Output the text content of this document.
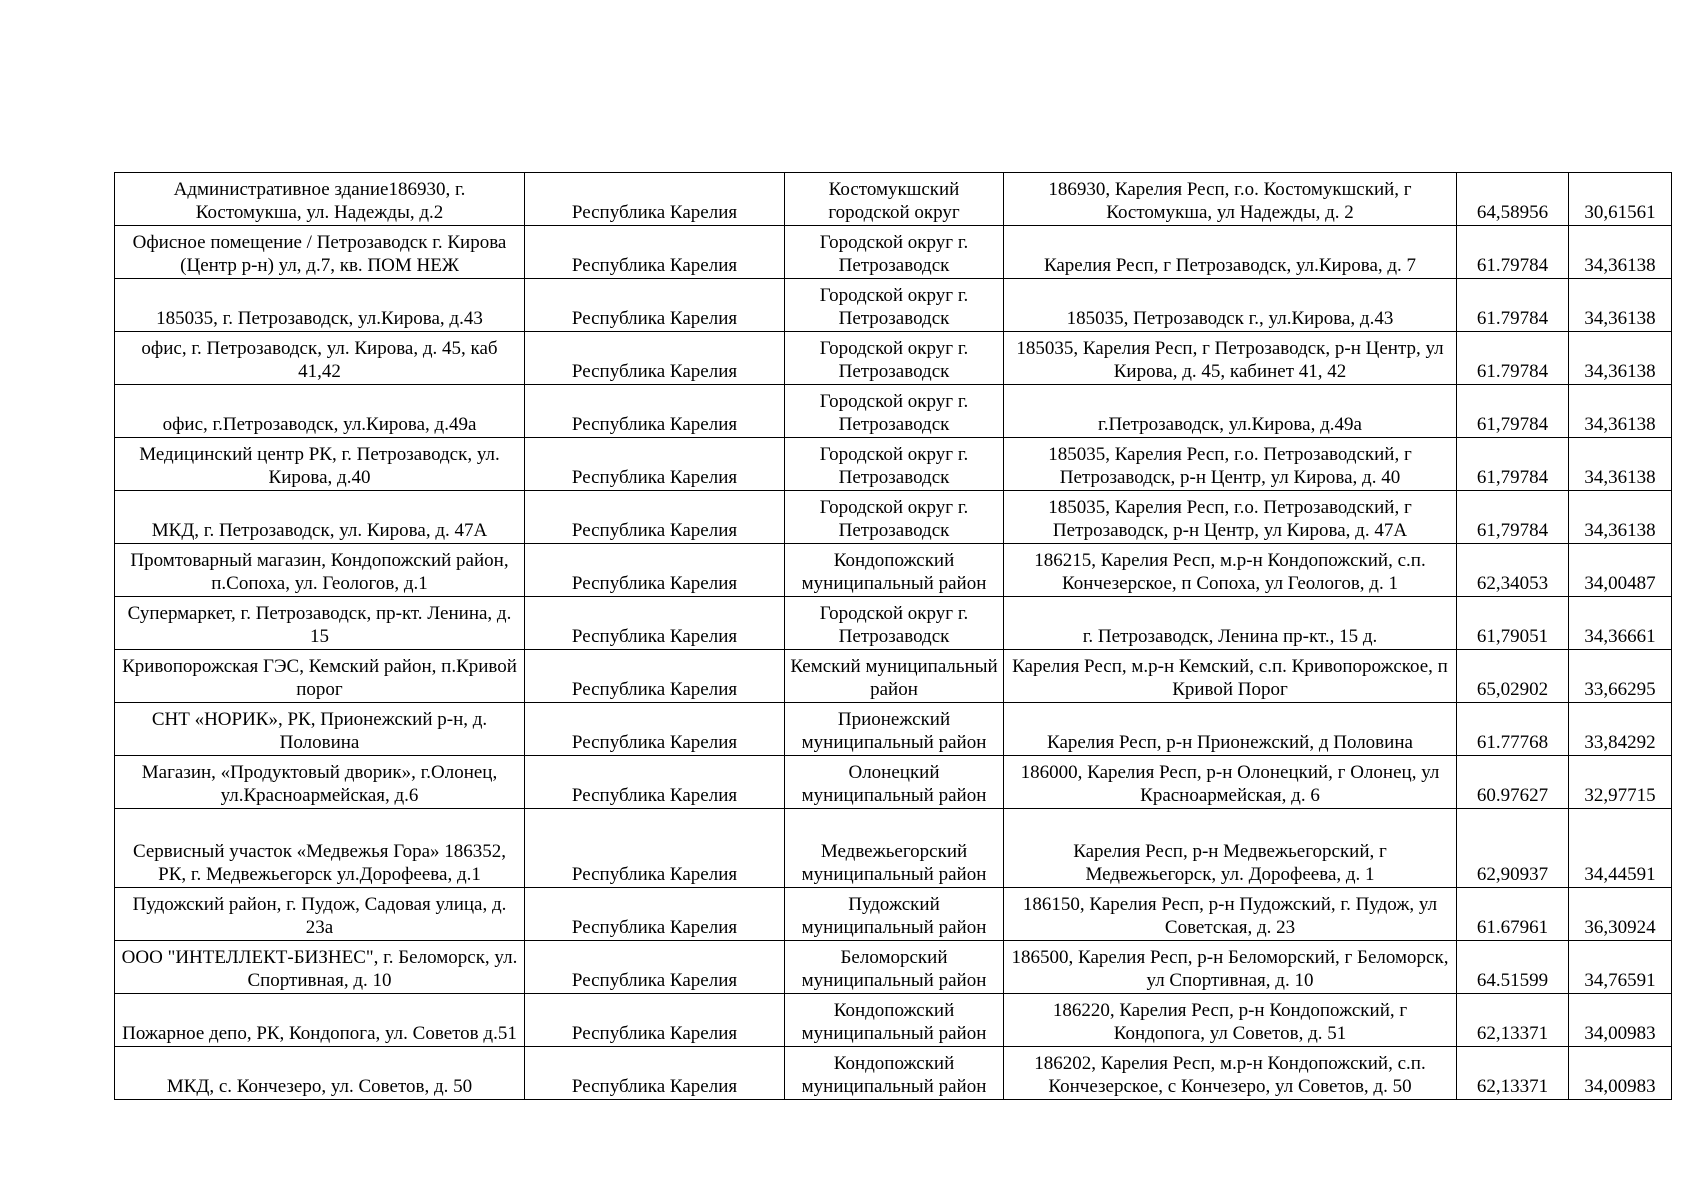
Административное здание186930, г. Костомукша, ул. Надежды, д.2	Республика Карелия	Костомукшский городской округ	186930, Карелия Респ, г.о. Костомукшский, г Костомукша, ул Надежды, д. 2	64,58956	30,61561
Офисное помещение / Петрозаводск г. Кирова (Центр р-н) ул, д.7, кв. ПОМ НЕЖ	Республика Карелия	Городской округ г. Петрозаводск	Карелия Респ, г Петрозаводск, ул.Кирова, д. 7	61.79784	34,36138
185035, г. Петрозаводск, ул.Кирова, д.43	Республика Карелия	Городской округ г. Петрозаводск	185035, Петрозаводск г., ул.Кирова, д.43	61.79784	34,36138
офис, г. Петрозаводск, ул. Кирова, д. 45, каб 41,42	Республика Карелия	Городской округ г. Петрозаводск	185035, Карелия Респ, г Петрозаводск, р-н Центр, ул Кирова, д. 45, кабинет 41, 42	61.79784	34,36138
офис, г.Петрозаводск, ул.Кирова, д.49а	Республика Карелия	Городской округ г. Петрозаводск	г.Петрозаводск, ул.Кирова, д.49а	61,79784	34,36138
Медицинский центр РК, г. Петрозаводск, ул. Кирова, д.40	Республика Карелия	Городской округ г. Петрозаводск	185035, Карелия Респ, г.о. Петрозаводский, г Петрозаводск, р-н Центр, ул Кирова, д. 40	61,79784	34,36138
МКД, г. Петрозаводск, ул. Кирова, д. 47А	Республика Карелия	Городской округ г. Петрозаводск	185035, Карелия Респ, г.о. Петрозаводский, г Петрозаводск, р-н Центр, ул Кирова, д. 47А	61,79784	34,36138
Промтоварный магазин, Кондопожский район, п.Сопоха, ул. Геологов, д.1	Республика Карелия	Кондопожский муниципальный район	186215, Карелия Респ, м.р-н Кондопожский, с.п. Кончезерское, п Сопоха, ул Геологов, д. 1	62,34053	34,00487
Супермаркет, г. Петрозаводск, пр-кт. Ленина, д. 15	Республика Карелия	Городской округ г. Петрозаводск	г. Петрозаводск, Ленина пр-кт., 15 д.	61,79051	34,36661
Кривопорожская ГЭС, Кемский район, п.Кривой порог	Республика Карелия	Кемский муниципальный район	Карелия Респ, м.р-н Кемский, с.п. Кривопорожское, п Кривой Порог	65,02902	33,66295
СНТ «НОРИК», РК, Прионежский р-н, д. Половина	Республика Карелия	Прионежский муниципальный район	Карелия Респ, р-н Прионежский, д Половина	61.77768	33,84292
Магазин, «Продуктовый дворик», г.Олонец, ул.Красноармейская, д.6	Республика Карелия	Олонецкий муниципальный район	186000, Карелия Респ, р-н Олонецкий, г Олонец, ул Красноармейская, д. 6	60.97627	32,97715
Сервисный участок «Медвежья Гора» 186352, РК, г. Медвежьегорск ул.Дорофеева, д.1	Республика Карелия	Медвежьегорский муниципальный район	Карелия Респ, р-н Медвежьегорский, г Медвежьегорск, ул. Дорофеева, д. 1	62,90937	34,44591
Пудожский район, г. Пудож, Садовая улица, д. 23а	Республика Карелия	Пудожский муниципальный район	186150, Карелия Респ, р-н Пудожский, г. Пудож, ул Советская, д. 23	61.67961	36,30924
ООО "ИНТЕЛЛЕКТ-БИЗНЕС", г. Беломорск, ул. Спортивная, д. 10	Республика Карелия	Беломорский муниципальный район	186500, Карелия Респ, р-н Беломорский, г Беломорск, ул Спортивная, д. 10	64.51599	34,76591
Пожарное депо, РК, Кондопога, ул. Советов д.51	Республика Карелия	Кондопожский муниципальный район	186220, Карелия Респ, р-н Кондопожский, г Кондопога, ул Советов, д. 51	62,13371	34,00983
МКД, с. Кончезеро, ул. Советов, д. 50	Республика Карелия	Кондопожский муниципальный район	186202, Карелия Респ, м.р-н Кондопожский, с.п. Кончезерское, с Кончезеро, ул Советов, д. 50	62,13371	34,00983
